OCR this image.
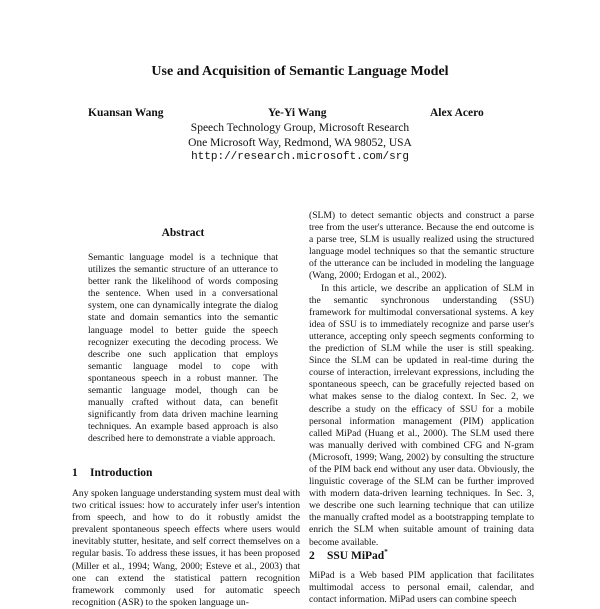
Use and Acquisition of Semantic Language Model
Kuansan Wang	Ye-Yi Wang	Alex Acero
Speech Technology Group, Microsoft Research
One Microsoft Way, Redmond, WA 98052, USA
http://research.microsoft.com/srg
Abstract
Semantic language model is a technique that utilizes the semantic structure of an utterance to better rank the likelihood of words composing the sentence. When used in a conversational system, one can dynamically integrate the dialog state and domain semantics into the semantic language model to better guide the speech recognizer executing the decoding process. We describe one such application that employs semantic language model to cope with spontaneous speech in a robust manner. The semantic language model, though can be manually crafted without data, can benefit significantly from data driven machine learning techniques. An example based approach is also described here to demonstrate a viable approach.
1 Introduction

Any spoken language understanding system must deal with two critical issues: how to accurately infer user's intention from speech, and how to do it robustly amidst the prevalent spontaneous speech effects where users would inevitably stutter, hesitate, and self correct themselves on a regular basis. To address these issues, it has been proposed (Miller et al., 1994; Wang, 2000; Esteve et al., 2003) that one can extend the statistical pattern recognition framework commonly used for automatic speech recognition (ASR) to the spoken language un-

(SLM) to detect semantic objects and construct a parse tree from the user's utterance. Because the end outcome is a parse tree, SLM is usually realized using the structured language model techniques so that the semantic structure of the utterance can be included in modeling the language (Wang, 2000; Erdogan et al., 2002).

In this article, we describe an application of SLM in the semantic synchronous understanding (SSU) framework for multimodal conversational systems. A key idea of SSU is to immediately recognize and parse user's utterance, accepting only speech segments conforming to the prediction of SLM while the user is still speaking. Since the SLM can be updated in real-time during the course of interaction, irrelevant expressions, including the spontaneous speech, can be gracefully rejected based on what makes sense to the dialog context. In Sec. 2, we describe a study on the efficacy of SSU for a mobile personal information management (PIM) application called MiPad (Huang et al., 2000). The SLM used there was manually derived with combined CFG and N-gram (Microsoft, 1999; Wang, 2002) by consulting the structure of the PIM back end without any user data. Obviously, the linguistic coverage of the SLM can be further improved with modern data-driven learning techniques. In Sec. 3, we describe one such learning technique that can utilize the manually crafted model as a bootstrapping template to enrich the SLM when suitable amount of training data become available.

2 SSU MiPad*

MiPad is a Web based PIM application that facilitates multimodal access to personal email, calendar, and contact information. MiPad users can combine speech
